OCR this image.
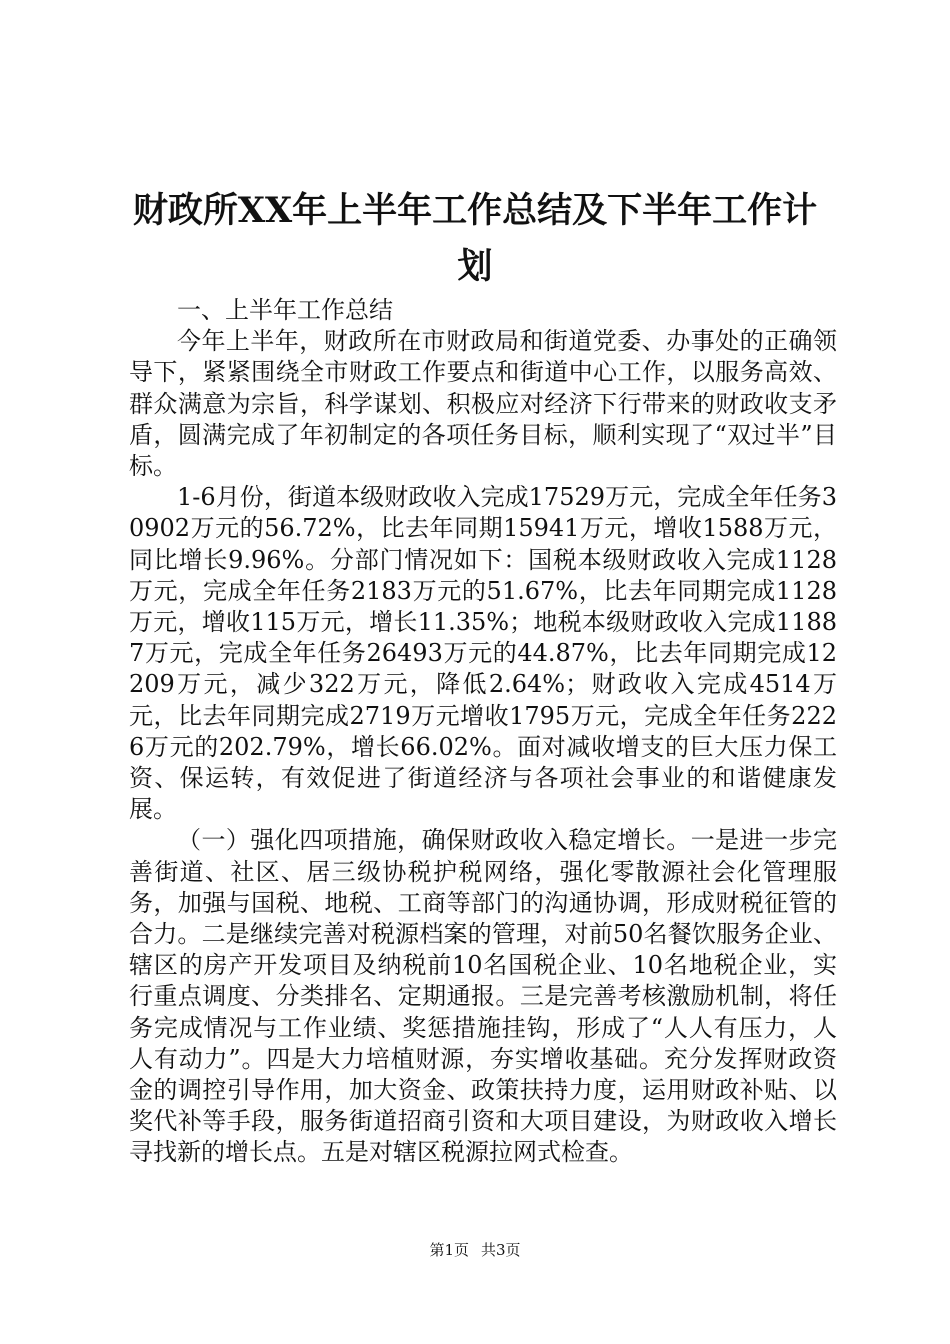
财政所XX年上半年工作总结及下半年工作计划

一、上半年工作总结

今年上半年，财政所在市财政局和街道党委、办事处的正确领导下，紧紧围绕全市财政工作要点和街道中心工作，以服务高效、群众满意为宗旨，科学谋划、积极应对经济下行带来的财政收支矛盾，圆满完成了年初制定的各项任务目标，顺利实现了“双过半”目标。

1-6月份，街道本级财政收入完成17529万元，完成全年任务30902万元的56.72%，比去年同期15941万元，增收1588万元，同比增长9.96%。分部门情况如下：国税本级财政收入完成1128万元，完成全年任务2183万元的51.67%，比去年同期完成1128万元，增收115万元，增长11.35%；地税本级财政收入完成11887万元，完成全年任务26493万元的44.87%，比去年同期完成12209万元，减少322万元，降低2.64%；财政收入完成4514万元，比去年同期完成2719万元增收1795万元，完成全年任务2226万元的202.79%，增长66.02%。面对减收增支的巨大压力保工资、保运转，有效促进了街道经济与各项社会事业的和谐健康发展。

（一）强化四项措施，确保财政收入稳定增长。一是进一步完善街道、社区、居三级协税护税网络，强化零散源社会化管理服务，加强与国税、地税、工商等部门的沟通协调，形成财税征管的合力。二是继续完善对税源档案的管理，对前50名餐饮服务企业、辖区的房产开发项目及纳税前10名国税企业、10名地税企业，实行重点调度、分类排名、定期通报。三是完善考核激励机制，将任务完成情况与工作业绩、奖惩措施挂钩，形成了“人人有压力，人人有动力”。四是大力培植财源，夯实增收基础。充分发挥财政资金的调控引导作用，加大资金、政策扶持力度，运用财政补贴、以奖代补等手段，服务街道招商引资和大项目建设，为财政收入增长寻找新的增长点。五是对辖区税源拉网式检查。

第1页 共3页
